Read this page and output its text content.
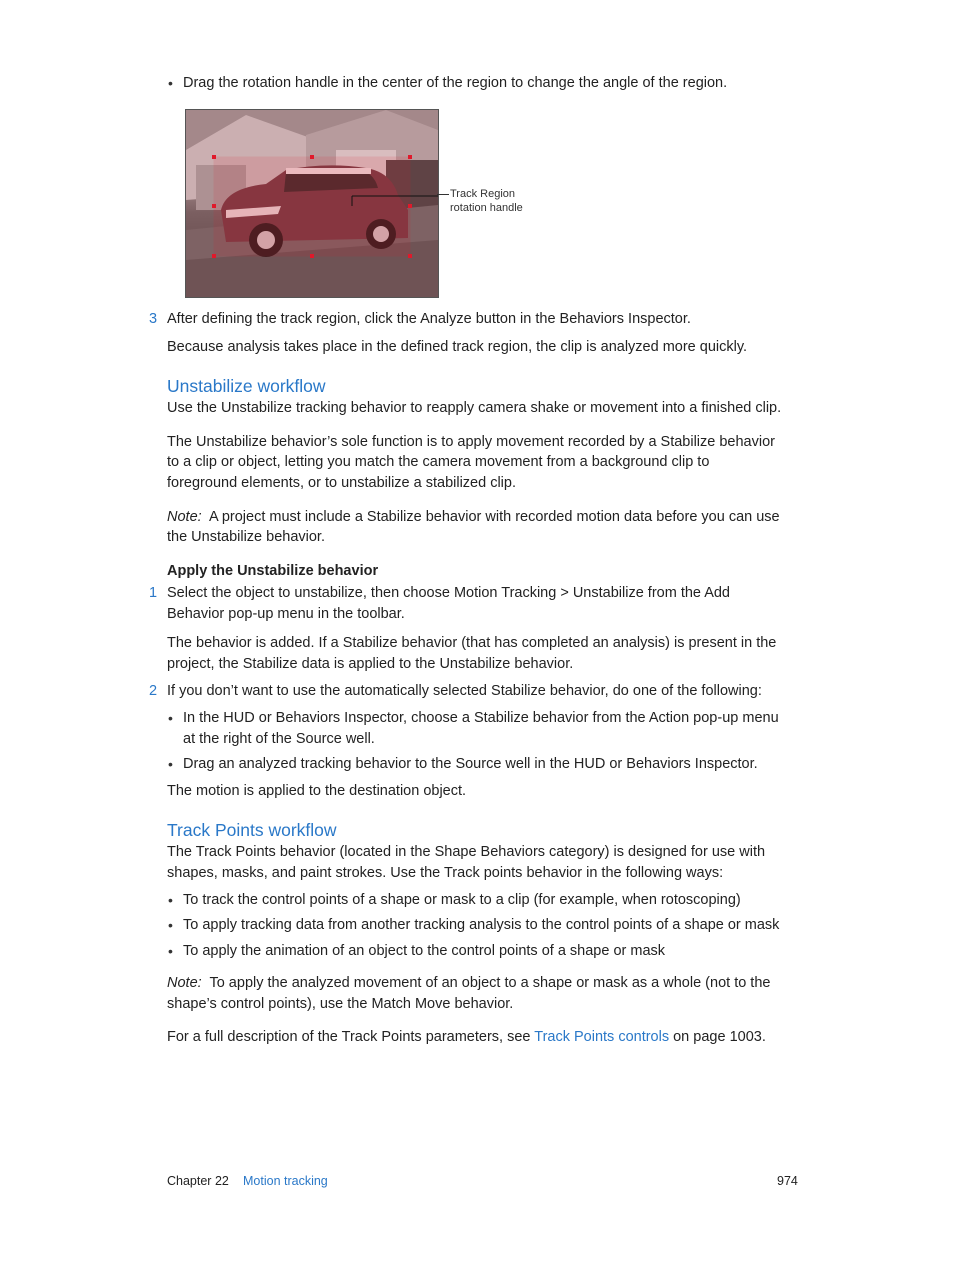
• Drag the rotation handle in the center of the region to change the angle of the region.
Track Region
rotation handle
3 After defining the track region, click the Analyze button in the Behaviors Inspector.
Because analysis takes place in the defined track region, the clip is analyzed more quickly.
Unstabilize workflow
Use the Unstabilize tracking behavior to reapply camera shake or movement into a finished clip.
The Unstabilize behavior’s sole function is to apply movement recorded by a Stabilize behavior
to a clip or object, letting you match the camera movement from a background clip to
foreground elements, or to unstabilize a stabilized clip.
Note: A project must include a Stabilize behavior with recorded motion data before you can use
the Unstabilize behavior.
Apply the Unstabilize behavior
1 Select the object to unstabilize, then choose Motion Tracking > Unstabilize from the Add
Behavior pop-up menu in the toolbar.
The behavior is added. If a Stabilize behavior (that has completed an analysis) is present in the
project, the Stabilize data is applied to the Unstabilize behavior.
2 If you don’t want to use the automatically selected Stabilize behavior, do one of the following:
• In the HUD or Behaviors Inspector, choose a Stabilize behavior from the Action pop-up menu
at the right of the Source well.
• Drag an analyzed tracking behavior to the Source well in the HUD or Behaviors Inspector.
The motion is applied to the destination object.
Track Points workflow
The Track Points behavior (located in the Shape Behaviors category) is designed for use with
shapes, masks, and paint strokes. Use the Track points behavior in the following ways:
• To track the control points of a shape or mask to a clip (for example, when rotoscoping)
• To apply tracking data from another tracking analysis to the control points of a shape or mask
• To apply the animation of an object to the control points of a shape or mask
Note: To apply the analyzed movement of an object to a shape or mask as a whole (not to the
shape’s control points), use the Match Move behavior.
For a full description of the Track Points parameters, see Track Points controls on page 1003.
Chapter 22 Motion tracking	974
